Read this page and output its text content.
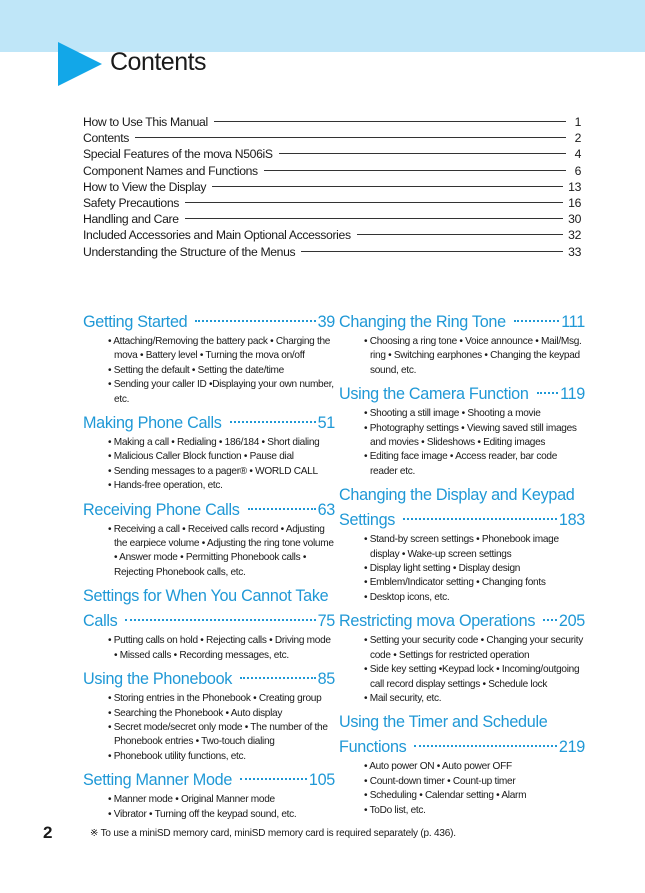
Contents
How to Use This Manual	1
Contents	2
Special Features of the mova N506iS	4
Component Names and Functions	6
How to View the Display	13
Safety Precautions	16
Handling and Care	30
Included Accessories and Main Optional Accessories	32
Understanding the Structure of the Menus	33
Getting Started	39
• Attaching/Removing the battery pack • Charging the mova • Battery level • Turning the mova on/off
• Setting the default • Setting the date/time
• Sending your caller ID •Displaying your own number, etc.
Making Phone Calls	51
• Making a call • Redialing • 186/184 • Short dialing
• Malicious Caller Block function • Pause dial
• Sending messages to a pager® • WORLD CALL
• Hands-free operation, etc.
Receiving Phone Calls	63
• Receiving a call • Received calls record • Adjusting the earpiece volume • Adjusting the ring tone volume • Answer mode • Permitting Phonebook calls • Rejecting Phonebook calls, etc.
Settings for When You Cannot Take
Calls	75
• Putting calls on hold • Rejecting calls • Driving mode • Missed calls • Recording messages, etc.
Using the Phonebook	85
• Storing entries in the Phonebook • Creating group
• Searching the Phonebook • Auto display
• Secret mode/secret only mode • The number of the Phonebook entries • Two-touch dialing
• Phonebook utility functions, etc.
Setting Manner Mode	105
• Manner mode • Original Manner mode
• Vibrator • Turning off the keypad sound, etc.
Changing the Ring Tone	111
• Choosing a ring tone • Voice announce • Mail/Msg. ring • Switching earphones • Changing the keypad sound, etc.
Using the Camera Function 119
• Shooting a still image • Shooting a movie
• Photography settings • Viewing saved still images and movies • Slideshows • Editing images
• Editing face image • Access reader, bar code reader etc.
Changing the Display and Keypad
Settings	183
• Stand-by screen settings • Phonebook image display • Wake-up screen settings
• Display light setting • Display design
• Emblem/Indicator setting • Changing fonts
• Desktop icons, etc.
Restricting mova Operations 205
• Setting your security code • Changing your security code • Settings for restricted operation
• Side key setting •Keypad lock • Incoming/outgoing call record display settings • Schedule lock
• Mail security, etc.
Using the Timer and Schedule
Functions	219
• Auto power ON • Auto power OFF
• Count-down timer • Count-up timer
• Scheduling • Calendar setting • Alarm
• ToDo list, etc.
2	※ To use a miniSD memory card, miniSD memory card is required separately (p. 436).
